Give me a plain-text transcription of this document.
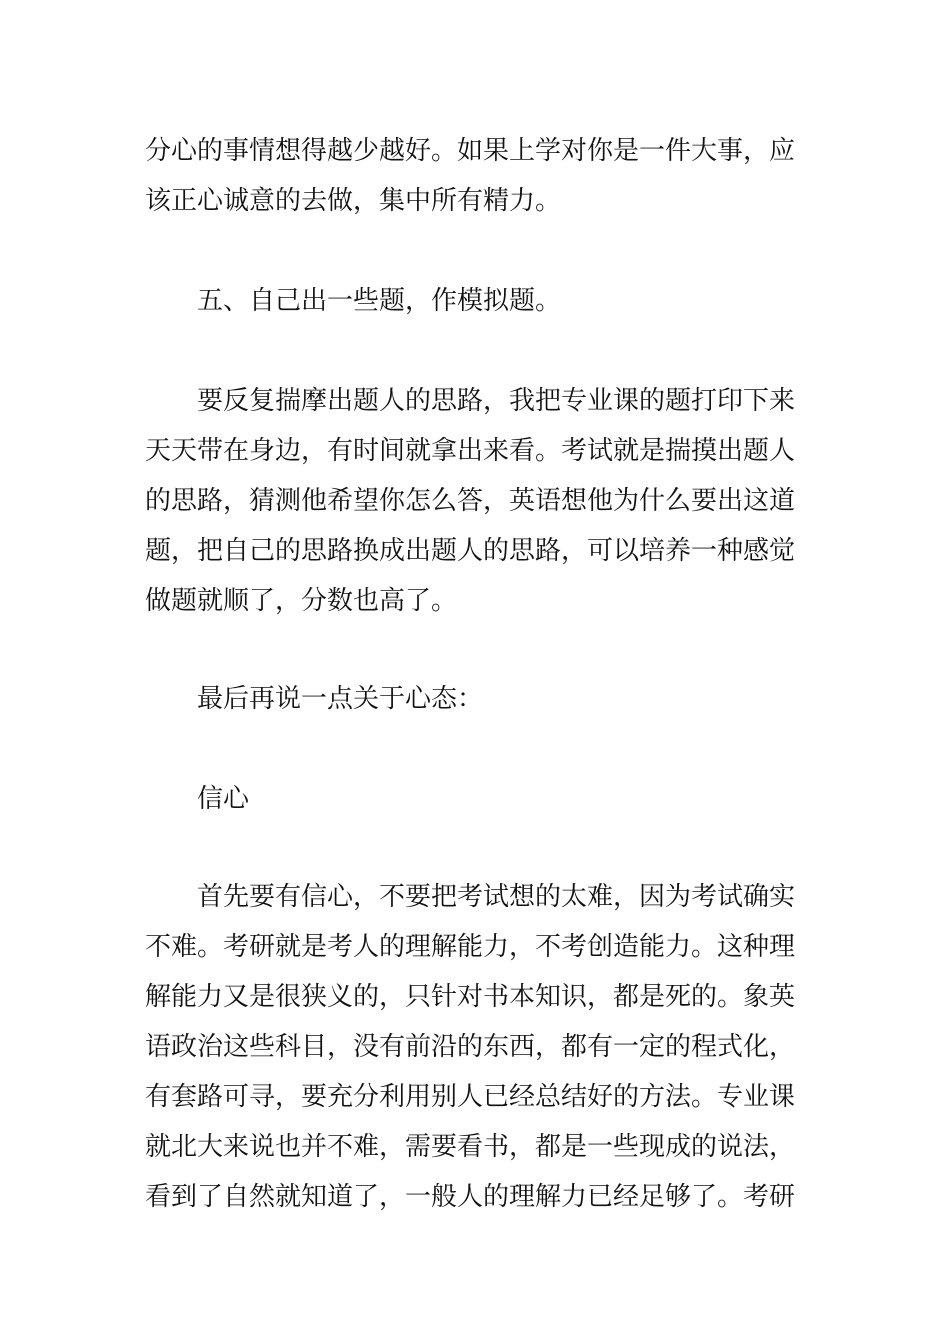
分心的事情想得越少越好。如果上学对你是一件大事，应
该正心诚意的去做，集中所有精力。
五、自己出一些题，作模拟题。
要反复揣摩出题人的思路，我把专业课的题打印下来
天天带在身边，有时间就拿出来看。考试就是揣摸出题人
的思路，猜测他希望你怎么答，英语想他为什么要出这道
题，把自己的思路换成出题人的思路，可以培养一种感觉
做题就顺了，分数也高了。
最后再说一点关于心态：
信心
首先要有信心，不要把考试想的太难，因为考试确实
不难。考研就是考人的理解能力，不考创造能力。这种理
解能力又是很狭义的，只针对书本知识，都是死的。象英
语政治这些科目，没有前沿的东西，都有一定的程式化，
有套路可寻，要充分利用别人已经总结好的方法。专业课
就北大来说也并不难，需要看书，都是一些现成的说法，
看到了自然就知道了，一般人的理解力已经足够了。考研
